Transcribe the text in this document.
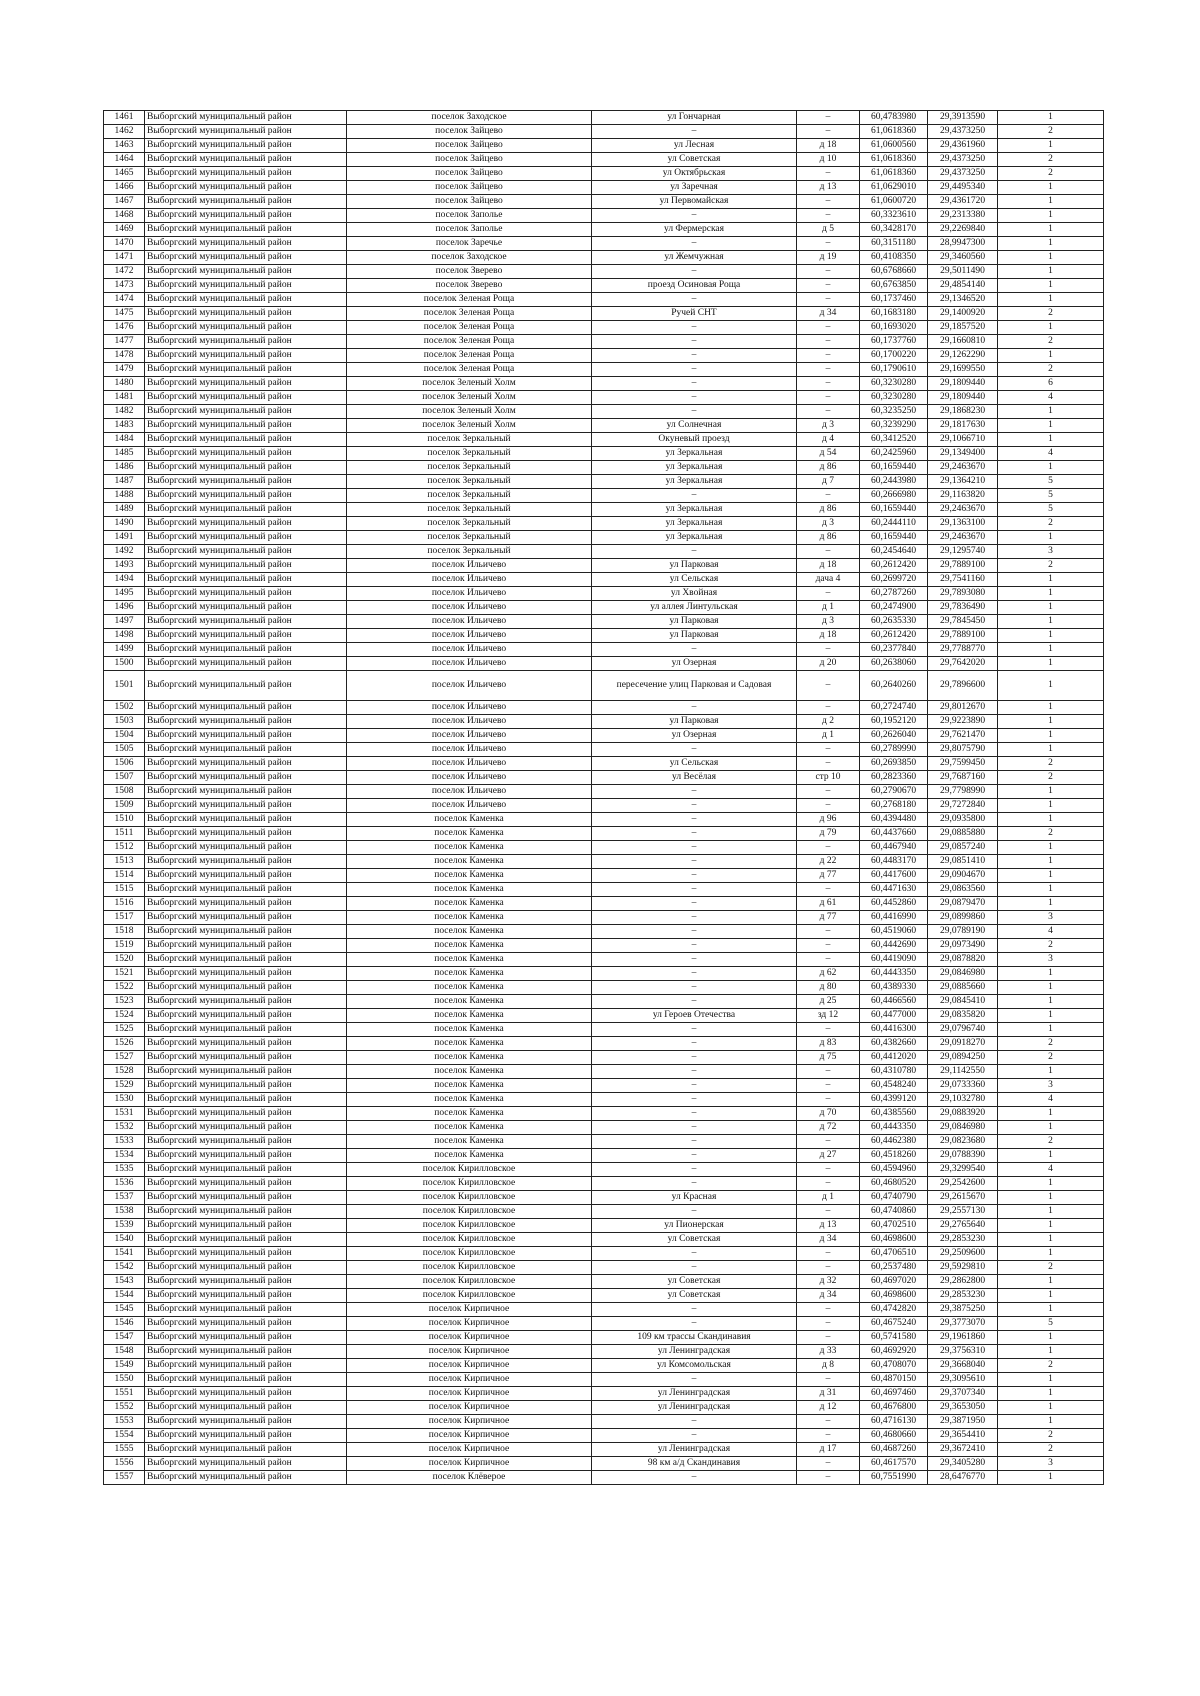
1461	Выборгский муниципальный район	поселок Заходское	ул Гончарная	–	60,4783980	29,3913590	1
1462	Выборгский муниципальный район	поселок Зайцево	–	–	61,0618360	29,4373250	2
1463	Выборгский муниципальный район	поселок Зайцево	ул Лесная	д 18	61,0600560	29,4361960	1
1464	Выборгский муниципальный район	поселок Зайцево	ул Советская	д 10	61,0618360	29,4373250	2
1465	Выборгский муниципальный район	поселок Зайцево	ул Октябрьская	–	61,0618360	29,4373250	2
1466	Выборгский муниципальный район	поселок Зайцево	ул Заречная	д 13	61,0629010	29,4495340	1
1467	Выборгский муниципальный район	поселок Зайцево	ул Первомайская	–	61,0600720	29,4361720	1
1468	Выборгский муниципальный район	поселок Заполье	–	–	60,3323610	29,2313380	1
1469	Выборгский муниципальный район	поселок Заполье	ул Фермерская	д 5	60,3428170	29,2269840	1
1470	Выборгский муниципальный район	поселок Заречье	–	–	60,3151180	28,9947300	1
1471	Выборгский муниципальный район	поселок Заходское	ул Жемчужная	д 19	60,4108350	29,3460560	1
1472	Выборгский муниципальный район	поселок Зверево	–	–	60,6768660	29,5011490	1
1473	Выборгский муниципальный район	поселок Зверево	проезд Осиновая Роща	–	60,6763850	29,4854140	1
1474	Выборгский муниципальный район	поселок Зеленая Роща	–	–	60,1737460	29,1346520	1
1475	Выборгский муниципальный район	поселок Зеленая Роща	Ручей СНТ	д 34	60,1683180	29,1400920	2
1476	Выборгский муниципальный район	поселок Зеленая Роща	–	–	60,1693020	29,1857520	1
1477	Выборгский муниципальный район	поселок Зеленая Роща	–	–	60,1737760	29,1660810	2
1478	Выборгский муниципальный район	поселок Зеленая Роща	–	–	60,1700220	29,1262290	1
1479	Выборгский муниципальный район	поселок Зеленая Роща	–	–	60,1790610	29,1699550	2
1480	Выборгский муниципальный район	поселок Зеленый Холм	–	–	60,3230280	29,1809440	6
1481	Выборгский муниципальный район	поселок Зеленый Холм	–	–	60,3230280	29,1809440	4
1482	Выборгский муниципальный район	поселок Зеленый Холм	–	–	60,3235250	29,1868230	1
1483	Выборгский муниципальный район	поселок Зеленый Холм	ул Солнечная	д 3	60,3239290	29,1817630	1
1484	Выборгский муниципальный район	поселок Зеркальный	Окуневый проезд	д 4	60,3412520	29,1066710	1
1485	Выборгский муниципальный район	поселок Зеркальный	ул Зеркальная	д 54	60,2425960	29,1349400	4
1486	Выборгский муниципальный район	поселок Зеркальный	ул Зеркальная	д 86	60,1659440	29,2463670	1
1487	Выборгский муниципальный район	поселок Зеркальный	ул Зеркальная	д 7	60,2443980	29,1364210	5
1488	Выборгский муниципальный район	поселок Зеркальный	–	–	60,2666980	29,1163820	5
1489	Выборгский муниципальный район	поселок Зеркальный	ул Зеркальная	д 86	60,1659440	29,2463670	5
1490	Выборгский муниципальный район	поселок Зеркальный	ул Зеркальная	д 3	60,2444110	29,1363100	2
1491	Выборгский муниципальный район	поселок Зеркальный	ул Зеркальная	д 86	60,1659440	29,2463670	1
1492	Выборгский муниципальный район	поселок Зеркальный	–	–	60,2454640	29,1295740	3
1493	Выборгский муниципальный район	поселок Ильичево	ул Парковая	д 18	60,2612420	29,7889100	2
1494	Выборгский муниципальный район	поселок Ильичево	ул Сельская	дача 4	60,2699720	29,7541160	1
1495	Выборгский муниципальный район	поселок Ильичево	ул Хвойная	–	60,2787260	29,7893080	1
1496	Выборгский муниципальный район	поселок Ильичево	ул аллея Линтульская	д 1	60,2474900	29,7836490	1
1497	Выборгский муниципальный район	поселок Ильичево	ул Парковая	д 3	60,2635330	29,7845450	1
1498	Выборгский муниципальный район	поселок Ильичево	ул Парковая	д 18	60,2612420	29,7889100	1
1499	Выборгский муниципальный район	поселок Ильичево	–	–	60,2377840	29,7788770	1
1500	Выборгский муниципальный район	поселок Ильичево	ул Озерная	д 20	60,2638060	29,7642020	1
1501	Выборгский муниципальный район	поселок Ильичево	пересечение улиц Парковая и Садовая	–	60,2640260	29,7896600	1
1502	Выборгский муниципальный район	поселок Ильичево	–	–	60,2724740	29,8012670	1
1503	Выборгский муниципальный район	поселок Ильичево	ул Парковая	д 2	60,1952120	29,9223890	1
1504	Выборгский муниципальный район	поселок Ильичево	ул Озерная	д 1	60,2626040	29,7621470	1
1505	Выборгский муниципальный район	поселок Ильичево	–	–	60,2789990	29,8075790	1
1506	Выборгский муниципальный район	поселок Ильичево	ул Сельская	–	60,2693850	29,7599450	2
1507	Выборгский муниципальный район	поселок Ильичево	ул Весёлая	стр 10	60,2823360	29,7687160	2
1508	Выборгский муниципальный район	поселок Ильичево	–	–	60,2790670	29,7798990	1
1509	Выборгский муниципальный район	поселок Ильичево	–	–	60,2768180	29,7272840	1
1510	Выборгский муниципальный район	поселок Каменка	–	д 96	60,4394480	29,0935800	1
1511	Выборгский муниципальный район	поселок Каменка	–	д 79	60,4437660	29,0885880	2
1512	Выборгский муниципальный район	поселок Каменка	–	–	60,4467940	29,0857240	1
1513	Выборгский муниципальный район	поселок Каменка	–	д 22	60,4483170	29,0851410	1
1514	Выборгский муниципальный район	поселок Каменка	–	д 77	60,4417600	29,0904670	1
1515	Выборгский муниципальный район	поселок Каменка	–	–	60,4471630	29,0863560	1
1516	Выборгский муниципальный район	поселок Каменка	–	д 61	60,4452860	29,0879470	1
1517	Выборгский муниципальный район	поселок Каменка	–	д 77	60,4416990	29,0899860	3
1518	Выборгский муниципальный район	поселок Каменка	–	–	60,4519060	29,0789190	4
1519	Выборгский муниципальный район	поселок Каменка	–	–	60,4442690	29,0973490	2
1520	Выборгский муниципальный район	поселок Каменка	–	–	60,4419090	29,0878820	3
1521	Выборгский муниципальный район	поселок Каменка	–	д 62	60,4443350	29,0846980	1
1522	Выборгский муниципальный район	поселок Каменка	–	д 80	60,4389330	29,0885660	1
1523	Выборгский муниципальный район	поселок Каменка	–	д 25	60,4466560	29,0845410	1
1524	Выборгский муниципальный район	поселок Каменка	ул Героев Отечества	зд 12	60,4477000	29,0835820	1
1525	Выборгский муниципальный район	поселок Каменка	–	–	60,4416300	29,0796740	1
1526	Выборгский муниципальный район	поселок Каменка	–	д 83	60,4382660	29,0918270	2
1527	Выборгский муниципальный район	поселок Каменка	–	д 75	60,4412020	29,0894250	2
1528	Выборгский муниципальный район	поселок Каменка	–	–	60,4310780	29,1142550	1
1529	Выборгский муниципальный район	поселок Каменка	–	–	60,4548240	29,0733360	3
1530	Выборгский муниципальный район	поселок Каменка	–	–	60,4399120	29,1032780	4
1531	Выборгский муниципальный район	поселок Каменка	–	д 70	60,4385560	29,0883920	1
1532	Выборгский муниципальный район	поселок Каменка	–	д 72	60,4443350	29,0846980	1
1533	Выборгский муниципальный район	поселок Каменка	–	–	60,4462380	29,0823680	2
1534	Выборгский муниципальный район	поселок Каменка	–	д 27	60,4518260	29,0788390	1
1535	Выборгский муниципальный район	поселок Кирилловское	–	–	60,4594960	29,3299540	4
1536	Выборгский муниципальный район	поселок Кирилловское	–	–	60,4680520	29,2542600	1
1537	Выборгский муниципальный район	поселок Кирилловское	ул Красная	д 1	60,4740790	29,2615670	1
1538	Выборгский муниципальный район	поселок Кирилловское	–	–	60,4740860	29,2557130	1
1539	Выборгский муниципальный район	поселок Кирилловское	ул Пионерская	д 13	60,4702510	29,2765640	1
1540	Выборгский муниципальный район	поселок Кирилловское	ул Советская	д 34	60,4698600	29,2853230	1
1541	Выборгский муниципальный район	поселок Кирилловское	–	–	60,4706510	29,2509600	1
1542	Выборгский муниципальный район	поселок Кирилловское	–	–	60,2537480	29,5929810	2
1543	Выборгский муниципальный район	поселок Кирилловское	ул Советская	д 32	60,4697020	29,2862800	1
1544	Выборгский муниципальный район	поселок Кирилловское	ул Советская	д 34	60,4698600	29,2853230	1
1545	Выборгский муниципальный район	поселок Кирпичное	–	–	60,4742820	29,3875250	1
1546	Выборгский муниципальный район	поселок Кирпичное	–	–	60,4675240	29,3773070	5
1547	Выборгский муниципальный район	поселок Кирпичное	109 км трассы Скандинавия	–	60,5741580	29,1961860	1
1548	Выборгский муниципальный район	поселок Кирпичное	ул Ленинградская	д 33	60,4692920	29,3756310	1
1549	Выборгский муниципальный район	поселок Кирпичное	ул Комсомольская	д 8	60,4708070	29,3668040	2
1550	Выборгский муниципальный район	поселок Кирпичное	–	–	60,4870150	29,3095610	1
1551	Выборгский муниципальный район	поселок Кирпичное	ул Ленинградская	д 31	60,4697460	29,3707340	1
1552	Выборгский муниципальный район	поселок Кирпичное	ул Ленинградская	д 12	60,4676800	29,3653050	1
1553	Выборгский муниципальный район	поселок Кирпичное	–	–	60,4716130	29,3871950	1
1554	Выборгский муниципальный район	поселок Кирпичное	–	–	60,4680660	29,3654410	2
1555	Выборгский муниципальный район	поселок Кирпичное	ул Ленинградская	д 17	60,4687260	29,3672410	2
1556	Выборгский муниципальный район	поселок Кирпичное	98 км а/д Скандинавия	–	60,4617570	29,3405280	3
1557	Выборгский муниципальный район	поселок Клёвероe	–	–	60,7551990	28,6476770	1
